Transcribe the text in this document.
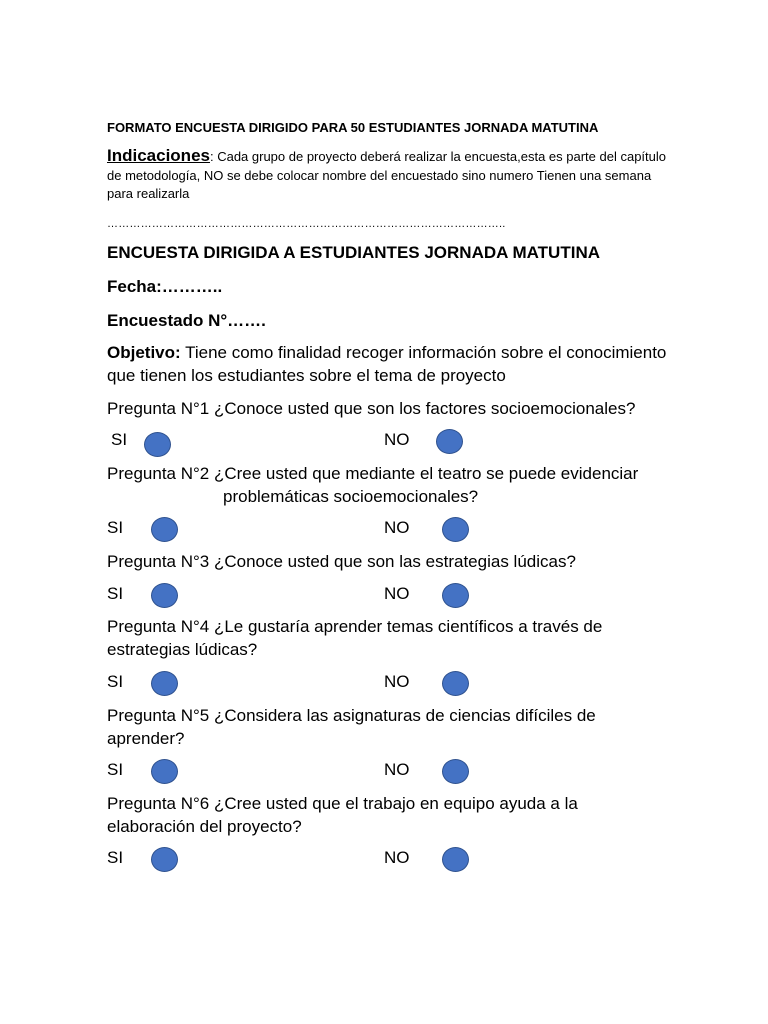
FORMATO ENCUESTA DIRIGIDO PARA 50 ESTUDIANTES JORNADA MATUTINA
Indicaciones: Cada grupo de proyecto deberá realizar la encuesta,esta es parte del capítulo de metodología, NO se debe colocar nombre del encuestado sino numero Tienen una semana para realizarla
……………………………………………………………………………………………..
ENCUESTA DIRIGIDA A ESTUDIANTES JORNADA MATUTINA
Fecha:………..
Encuestado N°…….
Objetivo: Tiene como finalidad recoger información sobre el conocimiento que tienen los estudiantes sobre el tema de proyecto
Pregunta N°1 ¿Conoce usted que son los factores socioemocionales?
SI	NO
Pregunta N°2 ¿Cree usted que mediante el teatro se puede evidenciar
problemáticas socioemocionales?
SI	NO
Pregunta N°3 ¿Conoce usted que son las estrategias lúdicas?
SI	NO
Pregunta N°4 ¿Le gustaría aprender temas científicos a través de
estrategias lúdicas?
SI	NO
Pregunta N°5 ¿Considera las asignaturas de ciencias difíciles de
aprender?
SI	NO
Pregunta N°6 ¿Cree usted que el trabajo en equipo ayuda a la
elaboración del proyecto?
SI	NO
